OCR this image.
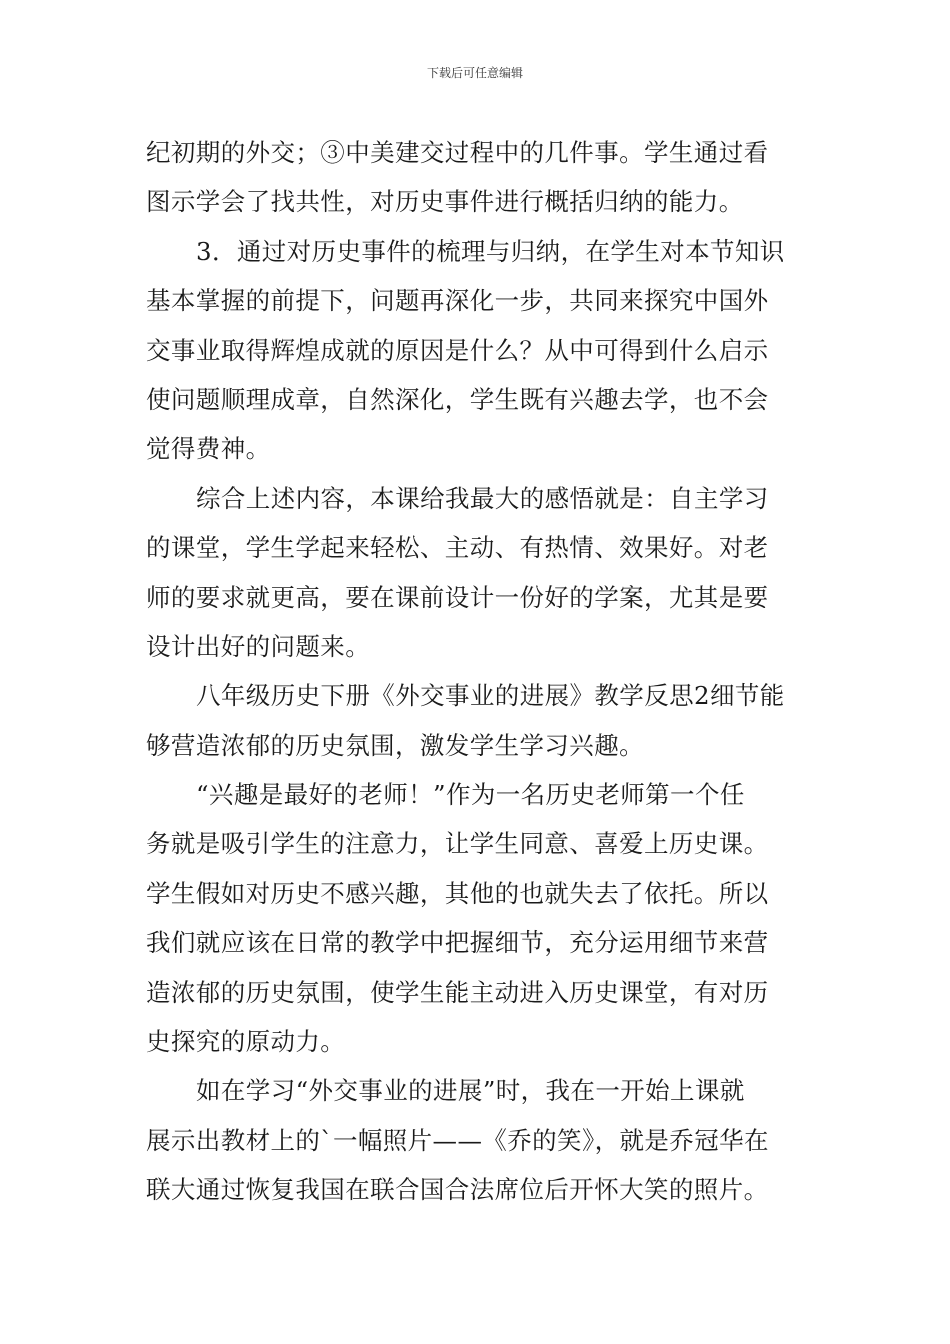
下载后可任意编辑
纪初期的外交；③中美建交过程中的几件事。学生通过看
图示学会了找共性，对历史事件进行概括归纳的能力。
3．通过对历史事件的梳理与归纳，在学生对本节知识
基本掌握的前提下，问题再深化一步，共同来探究中国外
交事业取得辉煌成就的原因是什么？从中可得到什么启示
使问题顺理成章，自然深化，学生既有兴趣去学，也不会
觉得费神。
综合上述内容，本课给我最大的感悟就是：自主学习
的课堂，学生学起来轻松、主动、有热情、效果好。对老
师的要求就更高，要在课前设计一份好的学案，尤其是要
设计出好的问题来。
八年级历史下册《外交事业的进展》教学反思2细节能
够营造浓郁的历史氛围，激发学生学习兴趣。
“兴趣是最好的老师！”作为一名历史老师第一个任
务就是吸引学生的注意力，让学生同意、喜爱上历史课。
学生假如对历史不感兴趣，其他的也就失去了依托。所以
我们就应该在日常的教学中把握细节，充分运用细节来营
造浓郁的历史氛围，使学生能主动进入历史课堂，有对历
史探究的原动力。
如在学习“外交事业的进展”时，我在一开始上课就
展示出教材上的`一幅照片——《乔的笑》，就是乔冠华在
联大通过恢复我国在联合国合法席位后开怀大笑的照片。
